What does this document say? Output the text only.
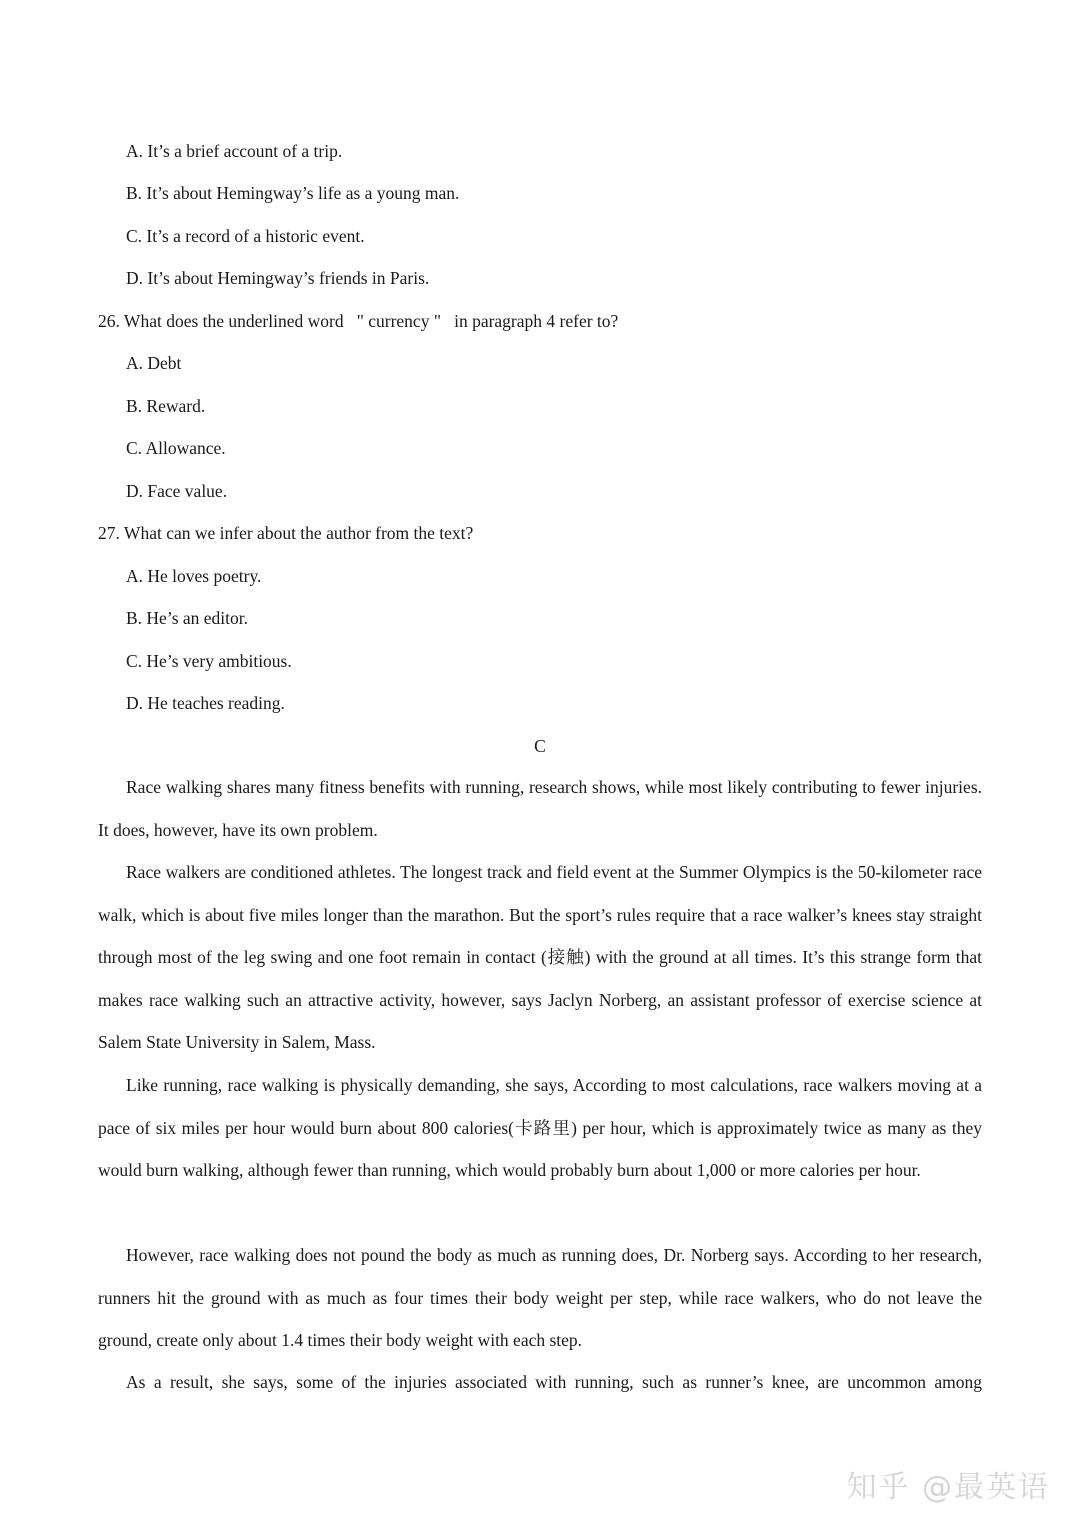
A. It’s a brief account of a trip.
B. It’s about Hemingway’s life as a young man.
C. It’s a record of a historic event.
D. It’s about Hemingway’s friends in Paris.
26. What does the underlined word   " currency "   in paragraph 4 refer to?
A. Debt
B. Reward.
C. Allowance.
D. Face value.
27. What can we infer about the author from the text?
A. He loves poetry.
B. He’s an editor.
C. He’s very ambitious.
D. He teaches reading.
C
Race walking shares many fitness benefits with running, research shows, while most likely contributing to fewer injuries. It does, however, have its own problem.
Race walkers are conditioned athletes. The longest track and field event at the Summer Olympics is the 50-kilometer race walk, which is about five miles longer than the marathon. But the sport’s rules require that a race walker’s knees stay straight through most of the leg swing and one foot remain in contact (接触) with the ground at all times. It’s this strange form that makes race walking such an attractive activity, however, says Jaclyn Norberg, an assistant professor of exercise science at Salem State University in Salem, Mass.
Like running, race walking is physically demanding, she says, According to most calculations, race walkers moving at a pace of six miles per hour would burn about 800 calories(卡路里) per hour, which is approximately twice as many as they would burn walking, although fewer than running, which would probably burn about 1,000 or more calories per hour.
However, race walking does not pound the body as much as running does, Dr. Norberg says. According to her research, runners hit the ground with as much as four times their body weight per step, while race walkers, who do not leave the ground, create only about 1.4 times their body weight with each step.
As a result, she says, some of the injuries associated with running, such as runner’s knee, are uncommon among
知乎 @最英语
